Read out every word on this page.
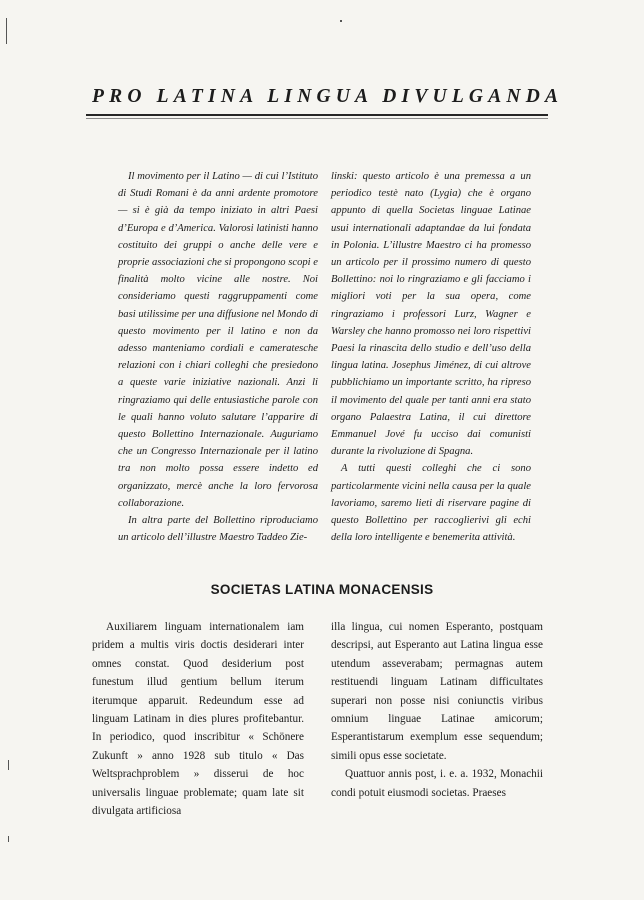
PRO LATINA LINGUA DIVULGANDA

Il movimento per il Latino — di cui l’Istituto di Studi Romani è da anni ardente promotore — si è già da tempo iniziato in altri Paesi d’Europa e d’America. Valorosi latinisti hanno costituito dei gruppi o anche delle vere e proprie associazioni che si propongono scopi e finalità molto vicine alle nostre. Noi consideriamo questi raggruppamenti come basi utilissime per una diffusione nel Mondo di questo movimento per il latino e non da adesso manteniamo cordiali e cameratesche relazioni con i chiari colleghi che presiedono a queste varie iniziative nazionali. Anzi li ringraziamo qui delle entusiastiche parole con le quali hanno voluto salutare l’apparire di questo Bollettino Internazionale. Auguriamo che un Congresso Internazionale per il latino tra non molto possa essere indetto ed organizzato, mercè anche la loro fervorosa collaborazione.

In altra parte del Bollettino riproduciamo un articolo dell’illustre Maestro Taddeo Zie-

linski: questo articolo è una premessa a un periodico testè nato (Lygia) che è organo appunto di quella Societas linguae Latinae usui internationali adaptandae da lui fondata in Polonia. L’illustre Maestro ci ha promesso un articolo per il prossimo numero di questo Bollettino: noi lo ringraziamo e gli facciamo i migliori voti per la sua opera, come ringraziamo i professori Lurz, Wagner e Warsley che hanno promosso nei loro rispettivi Paesi la rinascita dello studio e dell’uso della lingua latina. Josephus Jiménez, di cui altrove pubblichiamo un importante scritto, ha ripreso il movimento del quale per tanti anni era stato organo Palaestra Latina, il cui direttore Emmanuel Jové fu ucciso dai comunisti durante la rivoluzione di Spagna.

A tutti questi colleghi che ci sono particolarmente vicini nella causa per la quale lavoriamo, saremo lieti di riservare pagine di questo Bollettino per raccoglierivi gli echi della loro intelligente e benemerita attività.

SOCIETAS LATINA MONACENSIS

Auxiliarem linguam internationalem iam pridem a multis viris doctis desiderari inter omnes constat. Quod desiderium post funestum illud gentium bellum iterum iterumque apparuit. Redeundum esse ad linguam Latinam in dies plures profitebantur. In periodico, quod inscribitur « Schönere Zukunft » anno 1928 sub titulo « Das Weltsprachproblem » disserui de hoc universalis linguae problemate; quam late sit divulgata artificiosa

illa lingua, cui nomen Esperanto, postquam descripsi, aut Esperanto aut Latina lingua esse utendum asseverabam; permagnas autem restituendi linguam Latinam difficultates superari non posse nisi coniunctis viribus omnium linguae Latinae amicorum; Esperantistarum exemplum esse sequendum; simili opus esse societate.

Quattuor annis post, i. e. a. 1932, Monachii condi potuit eiusmodi societas. Praeses
